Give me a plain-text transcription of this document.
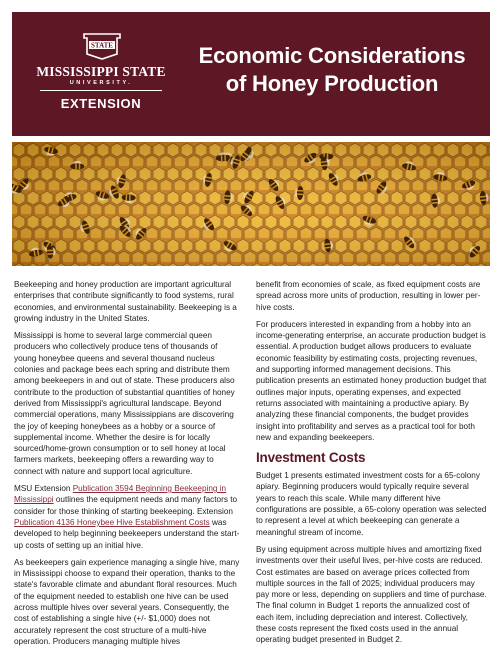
STATE
MISSISSIPPI STATE
UNIVERSITY.
EXTENSION
Economic Considerations
of Honey Production

Beekeeping and honey production are important agricultural enterprises that contribute significantly to food systems, rural economies, and environmental sustainability. Beekeeping is a growing industry in the United States.

Mississippi is home to several large commercial queen producers who collectively produce tens of thousands of young honeybee queens and several thousand nucleus colonies and package bees each spring and distribute them among beekeepers in and out of state. These producers also contribute to the production of substantial quantities of honey derived from Mississippi's agricultural landscape. Beyond commercial operations, many Mississippians are discovering the joy of keeping honeybees as a hobby or a source of supplemental income. Whether the desire is for locally sourced/home-grown consumption or to sell honey at local farmers markets, beekeeping offers a rewarding way to connect with nature and support local agriculture.

MSU Extension Publication 3594 Beginning Beekeeping in Mississippi outlines the equipment needs and many factors to consider for those thinking of starting beekeeping. Extension Publication 4136 Honeybee Hive Establishment Costs was developed to help beginning beekeepers understand the start-up costs of setting up an initial hive.

As beekeepers gain experience managing a single hive, many in Mississippi choose to expand their operation, thanks to the state's favorable climate and abundant floral resources. Much of the equipment needed to establish one hive can be used across multiple hives over several years. Consequently, the cost of establishing a single hive (+/- $1,000) does not accurately represent the cost structure of a multi-hive operation. Producers managing multiple hives

benefit from economies of scale, as fixed equipment costs are spread across more units of production, resulting in lower per-hive costs.

For producers interested in expanding from a hobby into an income-generating enterprise, an accurate production budget is essential. A production budget allows producers to evaluate economic feasibility by estimating costs, projecting revenues, and supporting informed management decisions. This publication presents an estimated honey production budget that outlines major inputs, operating expenses, and expected returns associated with maintaining a productive apiary. By analyzing these financial components, the budget provides insight into profitability and serves as a practical tool for both new and expanding beekeepers.

Investment Costs

Budget 1 presents estimated investment costs for a 65-colony apiary. Beginning producers would typically require several years to reach this scale. While many different hive configurations are possible, a 65-colony operation was selected to represent a level at which beekeeping can generate a meaningful stream of income.

By using equipment across multiple hives and amortizing fixed investments over their useful lives, per-hive costs are reduced. Cost estimates are based on average prices collected from multiple sources in the fall of 2025; individual producers may pay more or less, depending on suppliers and time of purchase. The final column in Budget 1 reports the annualized cost of each item, including depreciation and interest. Collectively, these costs represent the fixed costs used in the annual operating budget presented in Budget 2.
